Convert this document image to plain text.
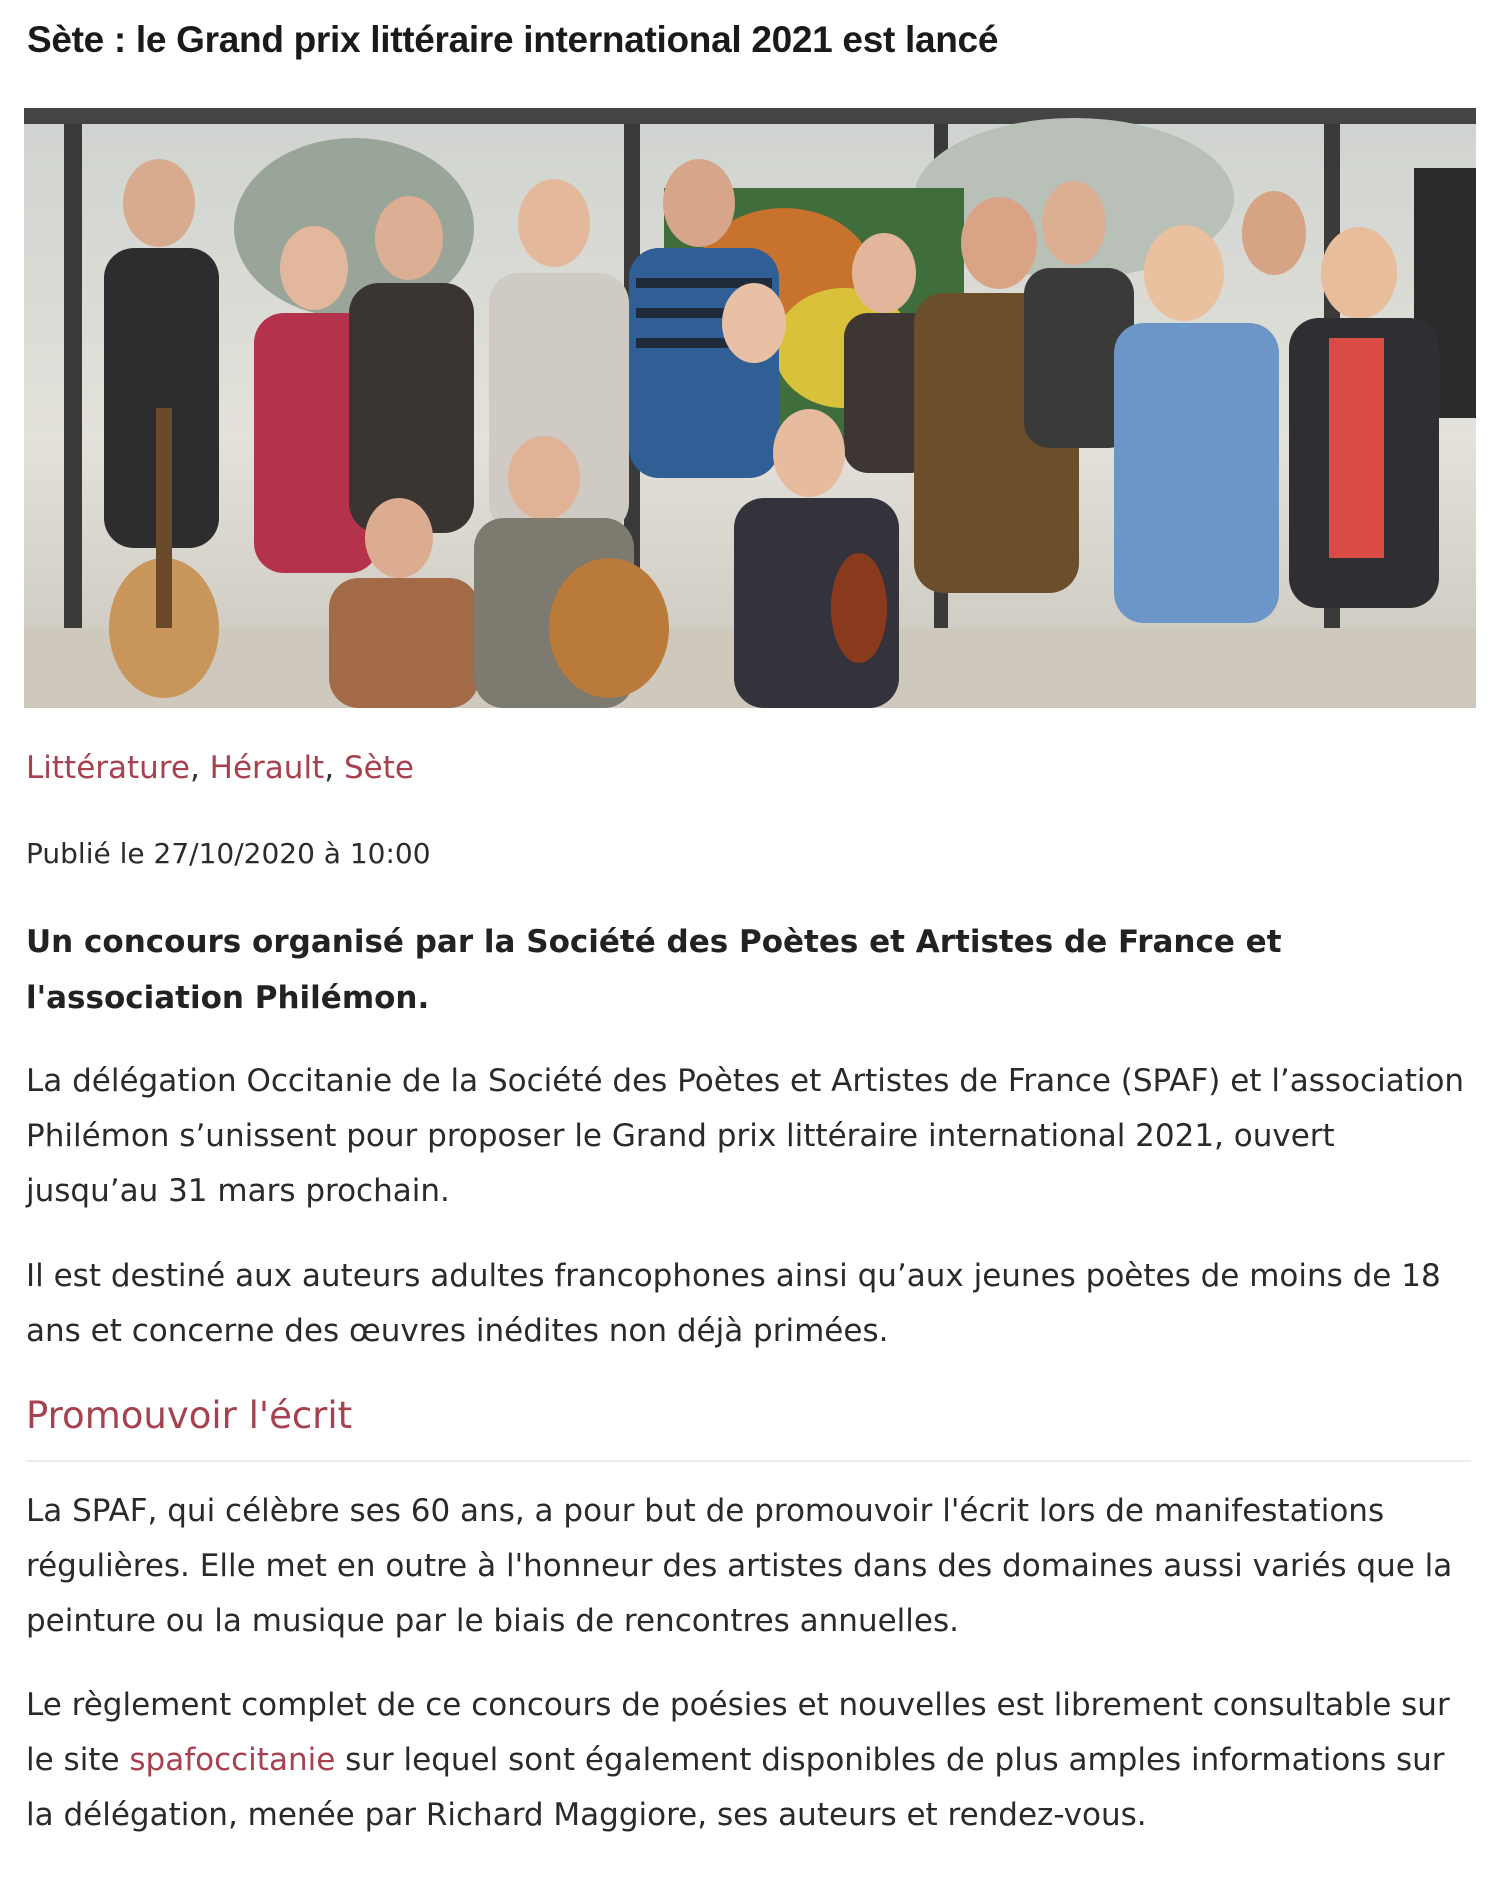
Sète : le Grand prix littéraire international 2021 est lancé
Littérature, Hérault, Sète
Publié le 27/10/2020 à 10:00

Un concours organisé par la Société des Poètes et Artistes de France et l'association Philémon.

La délégation Occitanie de la Société des Poètes et Artistes de France (SPAF) et l’association Philémon s’unissent pour proposer le Grand prix littéraire international 2021, ouvert jusqu’au 31 mars prochain.

Il est destiné aux auteurs adultes francophones ainsi qu’aux jeunes poètes de moins de 18 ans et concerne des œuvres inédites non déjà primées.

Promouvoir l'écrit

La SPAF, qui célèbre ses 60 ans, a pour but de promouvoir l'écrit lors de manifestations régulières. Elle met en outre à l'honneur des artistes dans des domaines aussi variés que la peinture ou la musique par le biais de rencontres annuelles.

Le règlement complet de ce concours de poésies et nouvelles est librement consultable sur le site spafoccitanie sur lequel sont également disponibles de plus amples informations sur la délégation, menée par Richard Maggiore, ses auteurs et rendez-vous.
